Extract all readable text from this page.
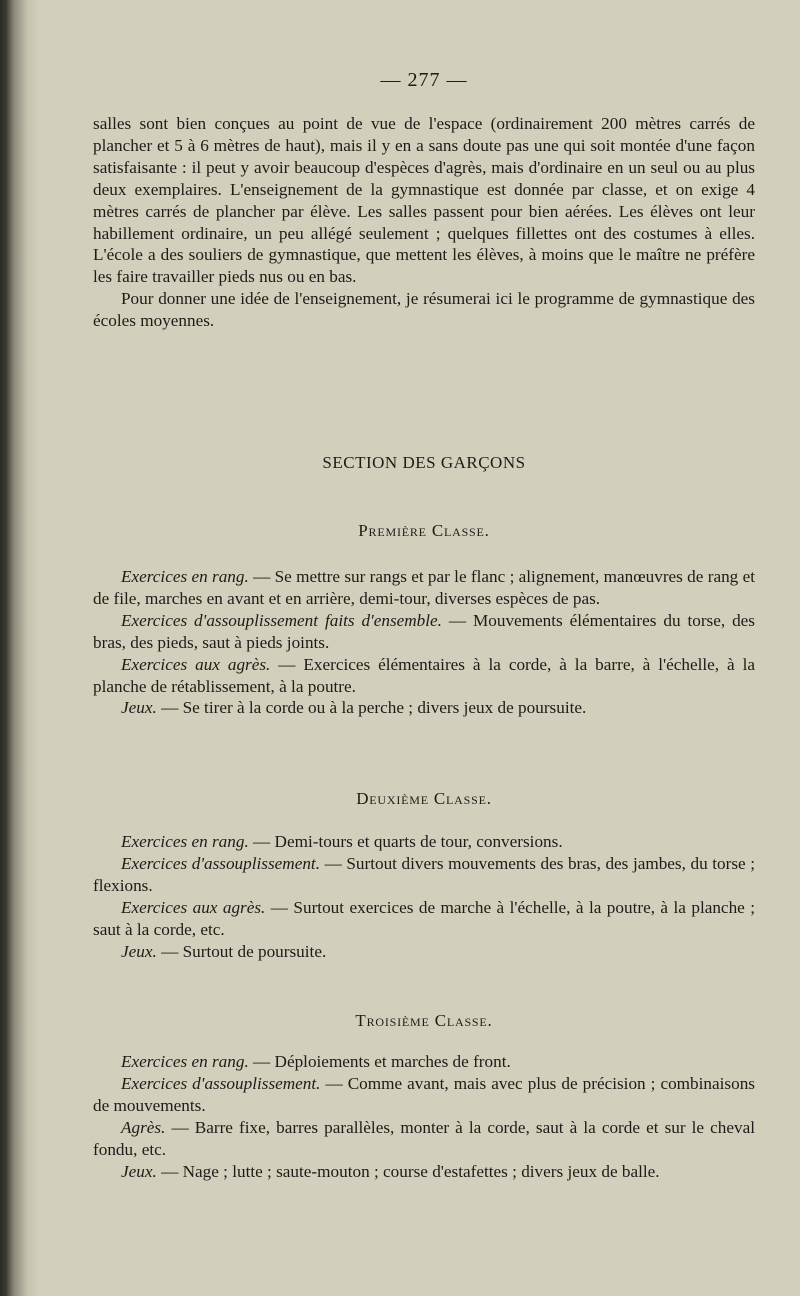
— 277 —

salles sont bien conçues au point de vue de l'espace (ordinairement 200 mètres carrés de plancher et 5 à 6 mètres de haut), mais il y en a sans doute pas une qui soit montée d'une façon satisfaisante : il peut y avoir beaucoup d'espèces d'agrès, mais d'ordinaire en un seul ou au plus deux exemplaires. L'enseignement de la gymnastique est donnée par classe, et on exige 4 mètres carrés de plancher par élève. Les salles passent pour bien aérées. Les élèves ont leur habillement ordinaire, un peu allégé seulement ; quelques fillettes ont des costumes à elles. L'école a des souliers de gymnastique, que mettent les élèves, à moins que le maître ne préfère les faire travailler pieds nus ou en bas.

Pour donner une idée de l'enseignement, je résumerai ici le programme de gymnastique des écoles moyennes.

SECTION DES GARÇONS
Première Classe.

Exercices en rang. — Se mettre sur rangs et par le flanc ; alignement, manœuvres de rang et de file, marches en avant et en arrière, demi-tour, diverses espèces de pas.

Exercices d'assouplissement faits d'ensemble. — Mouvements élémentaires du torse, des bras, des pieds, saut à pieds joints.

Exercices aux agrès. — Exercices élémentaires à la corde, à la barre, à l'échelle, à la planche de rétablissement, à la poutre.

Jeux. — Se tirer à la corde ou à la perche ; divers jeux de poursuite.

Deuxième Classe.

Exercices en rang. — Demi-tours et quarts de tour, conversions.

Exercices d'assouplissement. — Surtout divers mouvements des bras, des jambes, du torse ; flexions.

Exercices aux agrès. — Surtout exercices de marche à l'échelle, à la poutre, à la planche ; saut à la corde, etc.

Jeux. — Surtout de poursuite.

Troisième Classe.

Exercices en rang. — Déploiements et marches de front.

Exercices d'assouplissement. — Comme avant, mais avec plus de précision ; combinaisons de mouvements.

Agrès. — Barre fixe, barres parallèles, monter à la corde, saut à la corde et sur le cheval fondu, etc.

Jeux. — Nage ; lutte ; saute-mouton ; course d'estafettes ; divers jeux de balle.
